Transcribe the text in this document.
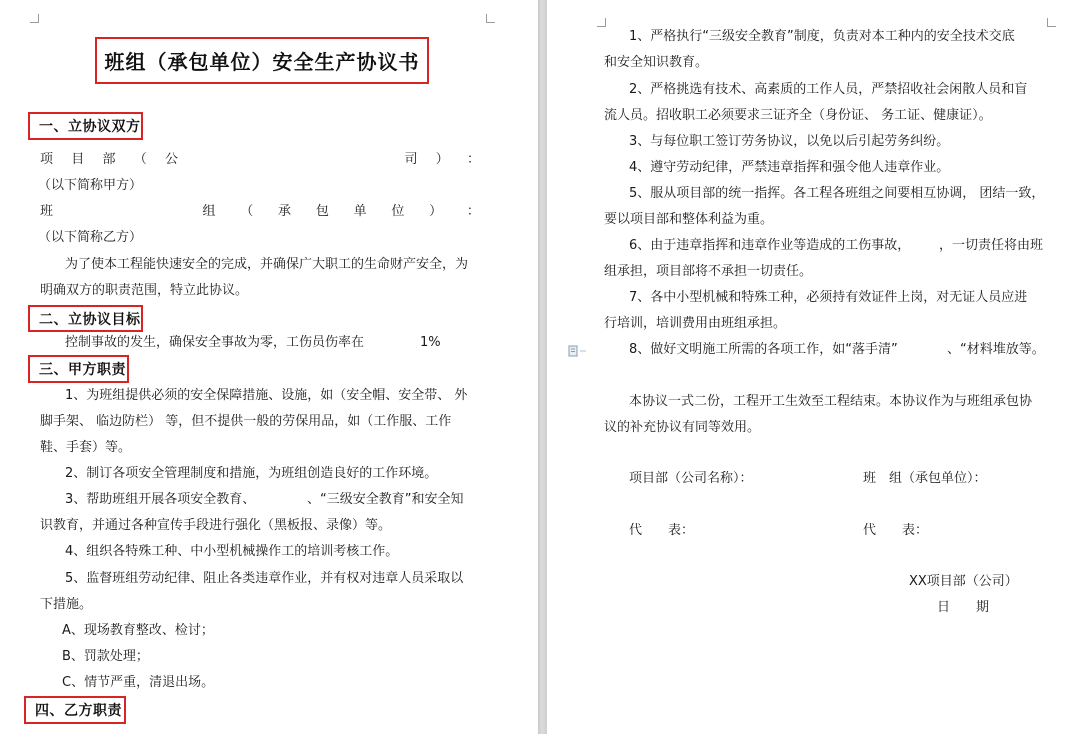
班组（承包单位）安全生产协议书
一、立协议双方
项 目 部 （ 公	司 ） ：
（以下简称甲方）
班	组 （ 承 包 单 位 ） ：
（以下简称乙方）
为了使本工程能快速安全的完成，并确保广大职工的生命财产安全，为
明确双方的职责范围，特立此协议。
二、立协议目标
控制事故的发生，确保安全事故为零，工伤员伤率在	1%
三、甲方职责
1、为班组提供必须的安全保障措施、设施，如（安全帽、安全带、 外
脚手架、 临边防栏） 等，但不提供一般的劳保用品，如（工作服、工作
鞋、手套）等。
2、制订各项安全管理制度和措施，为班组创造良好的工作环境。
3、帮助班组开展各项安全教育、	、“三级安全教育”和安全知
识教育，并通过各种宣传手段进行强化（黑板报、录像）等。
4、组织各特殊工种、中小型机械操作工的培训考核工作。
5、监督班组劳动纪律、阻止各类违章作业，并有权对违章人员采取以
下措施。
A、现场教育整改、检讨；
B、罚款处理；
C、情节严重，清退出场。
四、乙方职责
1、严格执行“三级安全教育”制度，负责对本工种内的安全技术交底
和安全知识教育。
2、严格挑选有技术、高素质的工作人员，严禁招收社会闲散人员和盲
流人员。招收职工必须要求三证齐全（身份证、 务工证、健康证）。
3、与每位职工签订劳务协议，以免以后引起劳务纠纷。
4、遵守劳动纪律，严禁违章指挥和强令他人违章作业。
5、服从项目部的统一指挥。各工程各班组之间要相互协调， 团结一致，
要以项目部和整体利益为重。
6、由于违章指挥和违章作业等造成的工伤事故， ，一切责任将由班
组承担，项目部将不承担一切责任。
7、各中小型机械和特殊工种，必须持有效证件上岗，对无证人员应进
行培训，培训费用由班组承担。
8、做好文明施工所需的各项工作，如“落手清”	、“材料堆放等。
本协议一式二份，工程开工生效至工程结束。本协议作为与班组承包协
议的补充协议有同等效用。
项目部（公司名称）：	班　组（承包单位）：
代　　表：	代　　表：
XX项目部（公司）
日　　期
